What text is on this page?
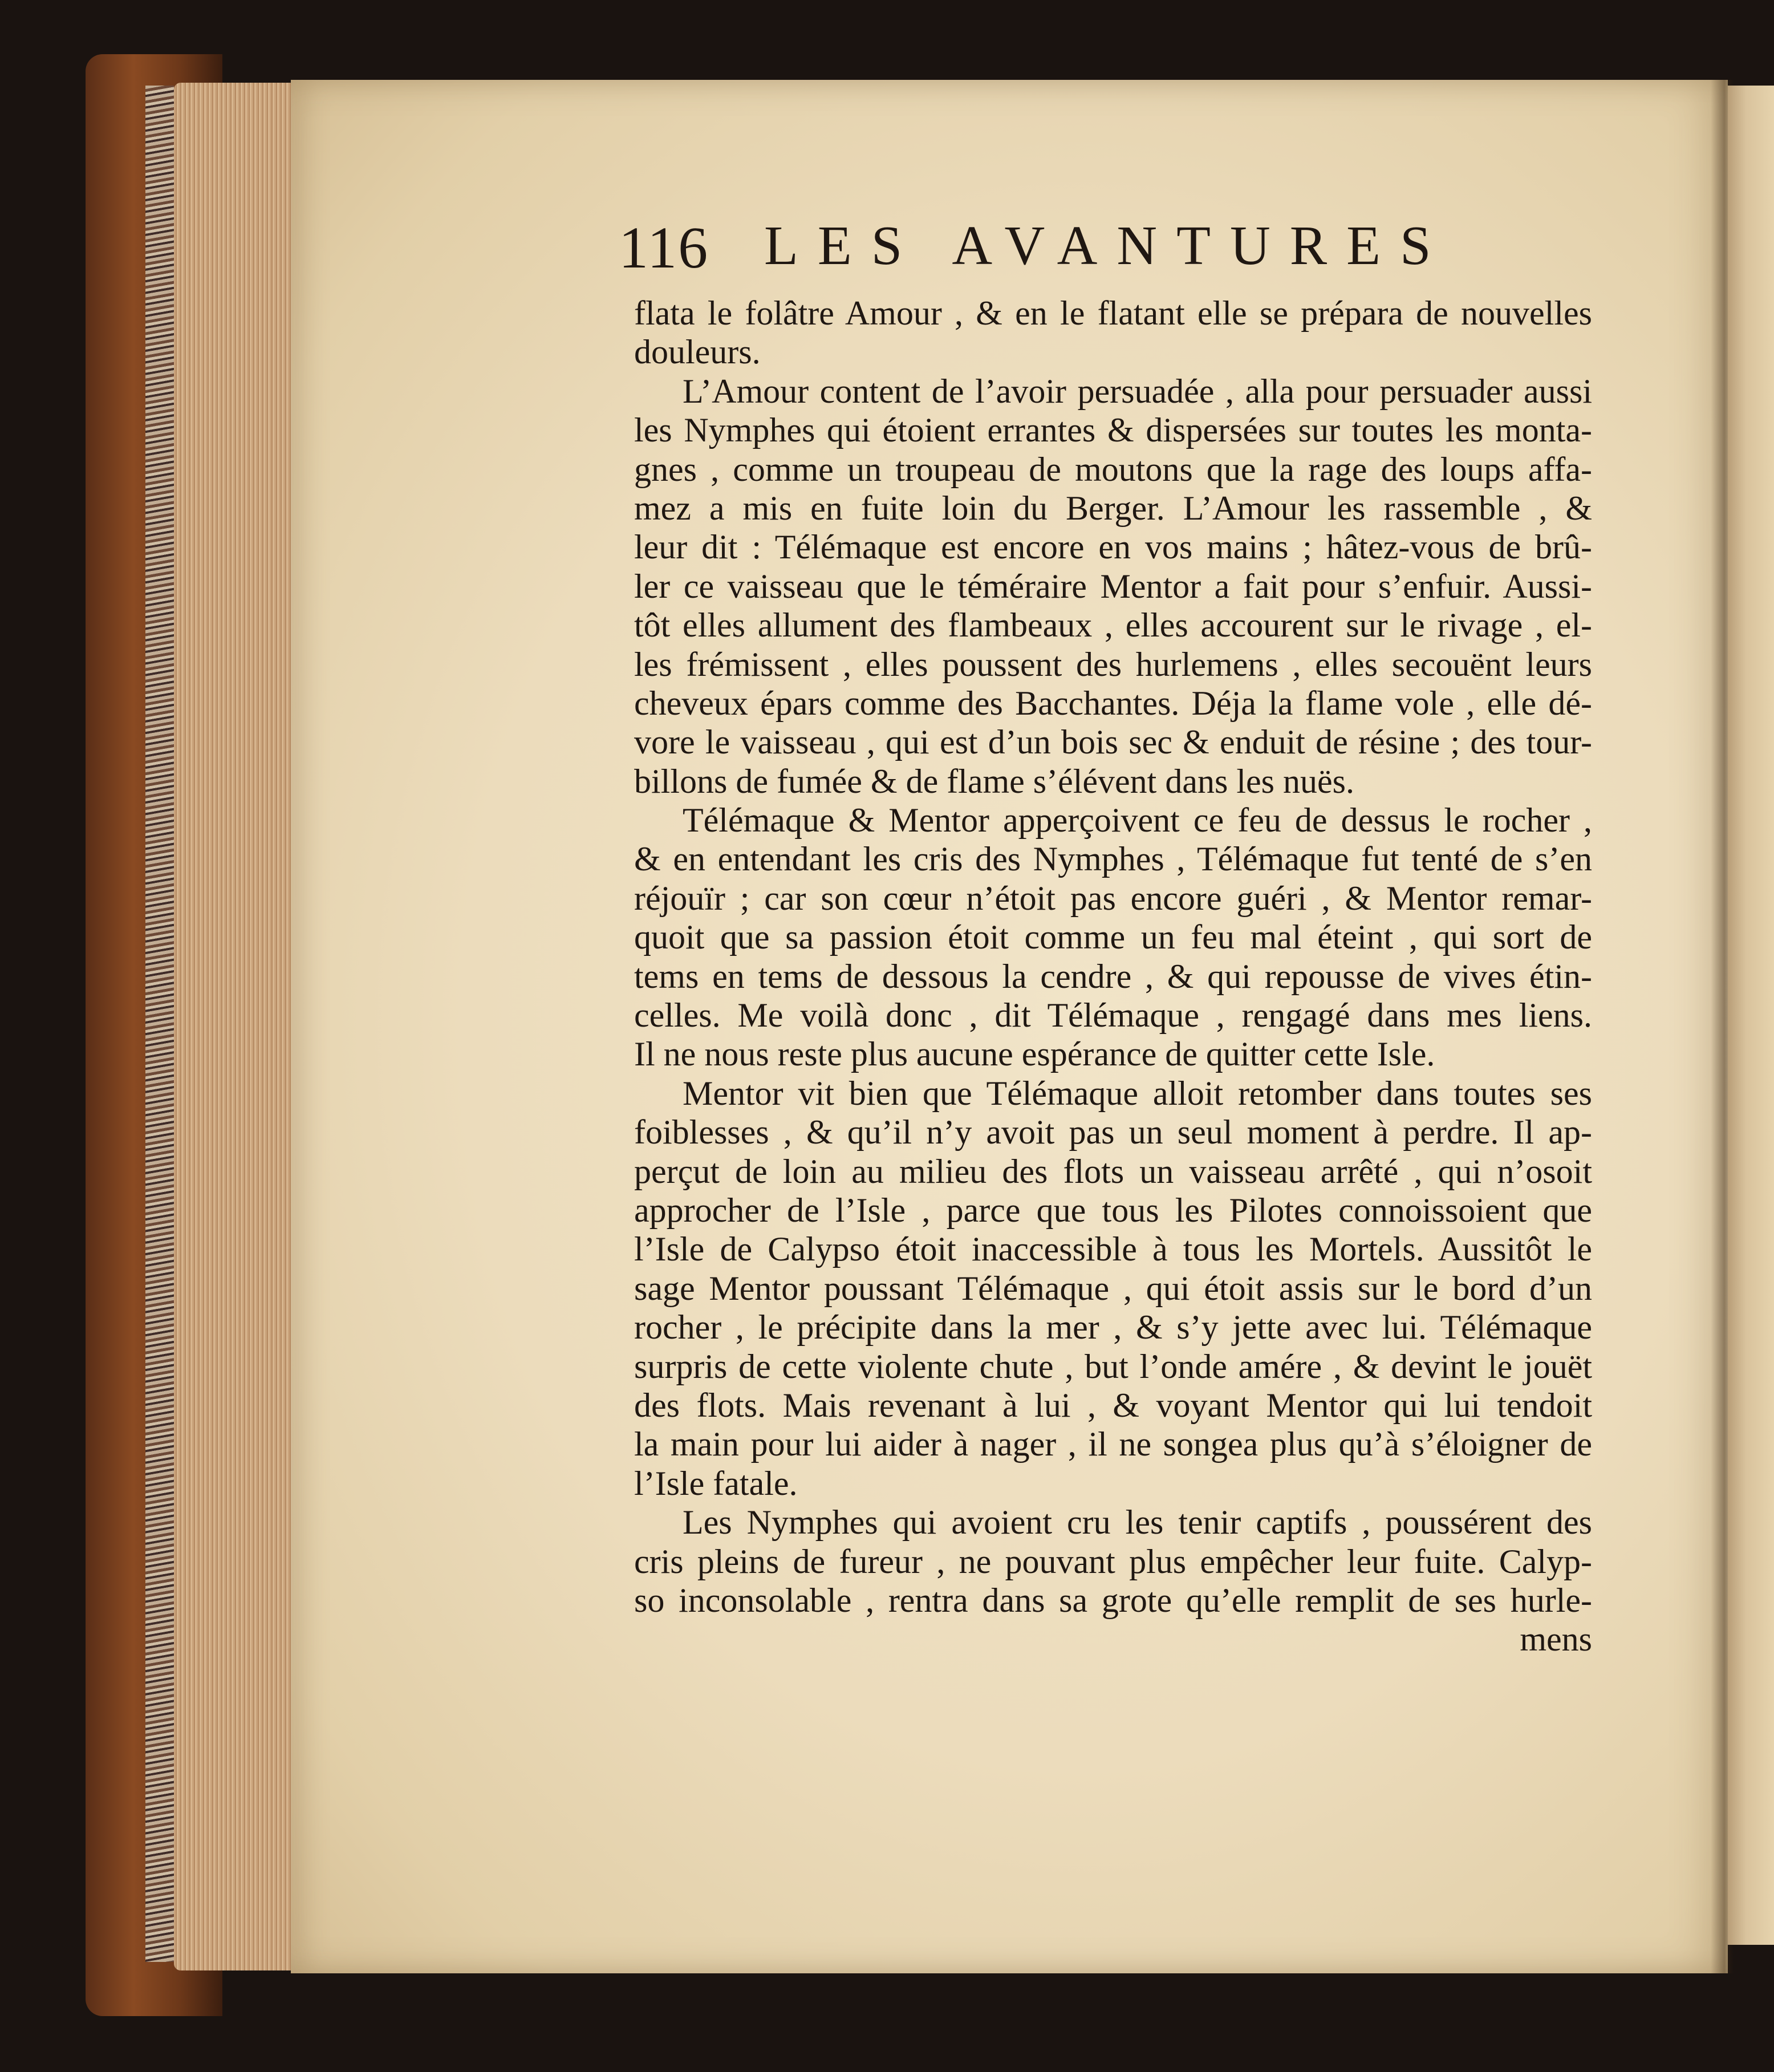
116 LES AVANTURES
flata le folâtre Amour , & en le flatant elle se prépara de nouvelles
douleurs.
L’Amour content de l’avoir persuadée , alla pour persuader aussi
les Nymphes qui étoient errantes & dispersées sur toutes les monta-
gnes , comme un troupeau de moutons que la rage des loups affa-
mez a mis en fuite loin du Berger. L’Amour les rassemble , &
leur dit : Télémaque est encore en vos mains ; hâtez-vous de brû-
ler ce vaisseau que le téméraire Mentor a fait pour s’enfuir. Aussi-
tôt elles allument des flambeaux , elles accourent sur le rivage , el-
les frémissent , elles poussent des hurlemens , elles secouënt leurs
cheveux épars comme des Bacchantes. Déja la flame vole , elle dé-
vore le vaisseau , qui est d’un bois sec & enduit de résine ; des tour-
billons de fumée & de flame s’élévent dans les nuës.
Télémaque & Mentor apperçoivent ce feu de dessus le rocher ,
& en entendant les cris des Nymphes , Télémaque fut tenté de s’en
réjouïr ; car son cœur n’étoit pas encore guéri , & Mentor remar-
quoit que sa passion étoit comme un feu mal éteint , qui sort de
tems en tems de dessous la cendre , & qui repousse de vives étin-
celles. Me voilà donc , dit Télémaque , rengagé dans mes liens.
Il ne nous reste plus aucune espérance de quitter cette Isle.
Mentor vit bien que Télémaque alloit retomber dans toutes ses
foiblesses , & qu’il n’y avoit pas un seul moment à perdre. Il ap-
perçut de loin au milieu des flots un vaisseau arrêté , qui n’osoit
approcher de l’Isle , parce que tous les Pilotes connoissoient que
l’Isle de Calypso étoit inaccessible à tous les Mortels. Aussitôt le
sage Mentor poussant Télémaque , qui étoit assis sur le bord d’un
rocher , le précipite dans la mer , & s’y jette avec lui. Télémaque
surpris de cette violente chute , but l’onde amére , & devint le jouët
des flots. Mais revenant à lui , & voyant Mentor qui lui tendoit
la main pour lui aider à nager , il ne songea plus qu’à s’éloigner de
l’Isle fatale.
Les Nymphes qui avoient cru les tenir captifs , poussérent des
cris pleins de fureur , ne pouvant plus empêcher leur fuite. Calyp-
so inconsolable , rentra dans sa grote qu’elle remplit de ses hurle-
mens
